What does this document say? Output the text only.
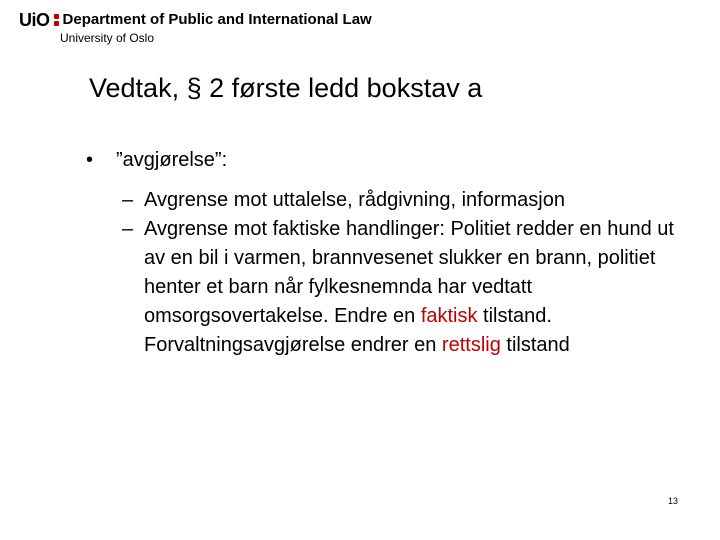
UiO Department of Public and International Law
University of Oslo
Vedtak, § 2 første ledd bokstav a
• ”avgjørelse”:
– Avgrense mot uttalelse, rådgivning, informasjon
– Avgrense mot faktiske handlinger: Politiet redder en hund ut av en bil i varmen, brannvesenet slukker en brann, politiet henter et barn når fylkesnemnda har vedtatt omsorgsovertakelse. Endre en faktisk tilstand. Forvaltningsavgjørelse endrer en rettslig tilstand
13
